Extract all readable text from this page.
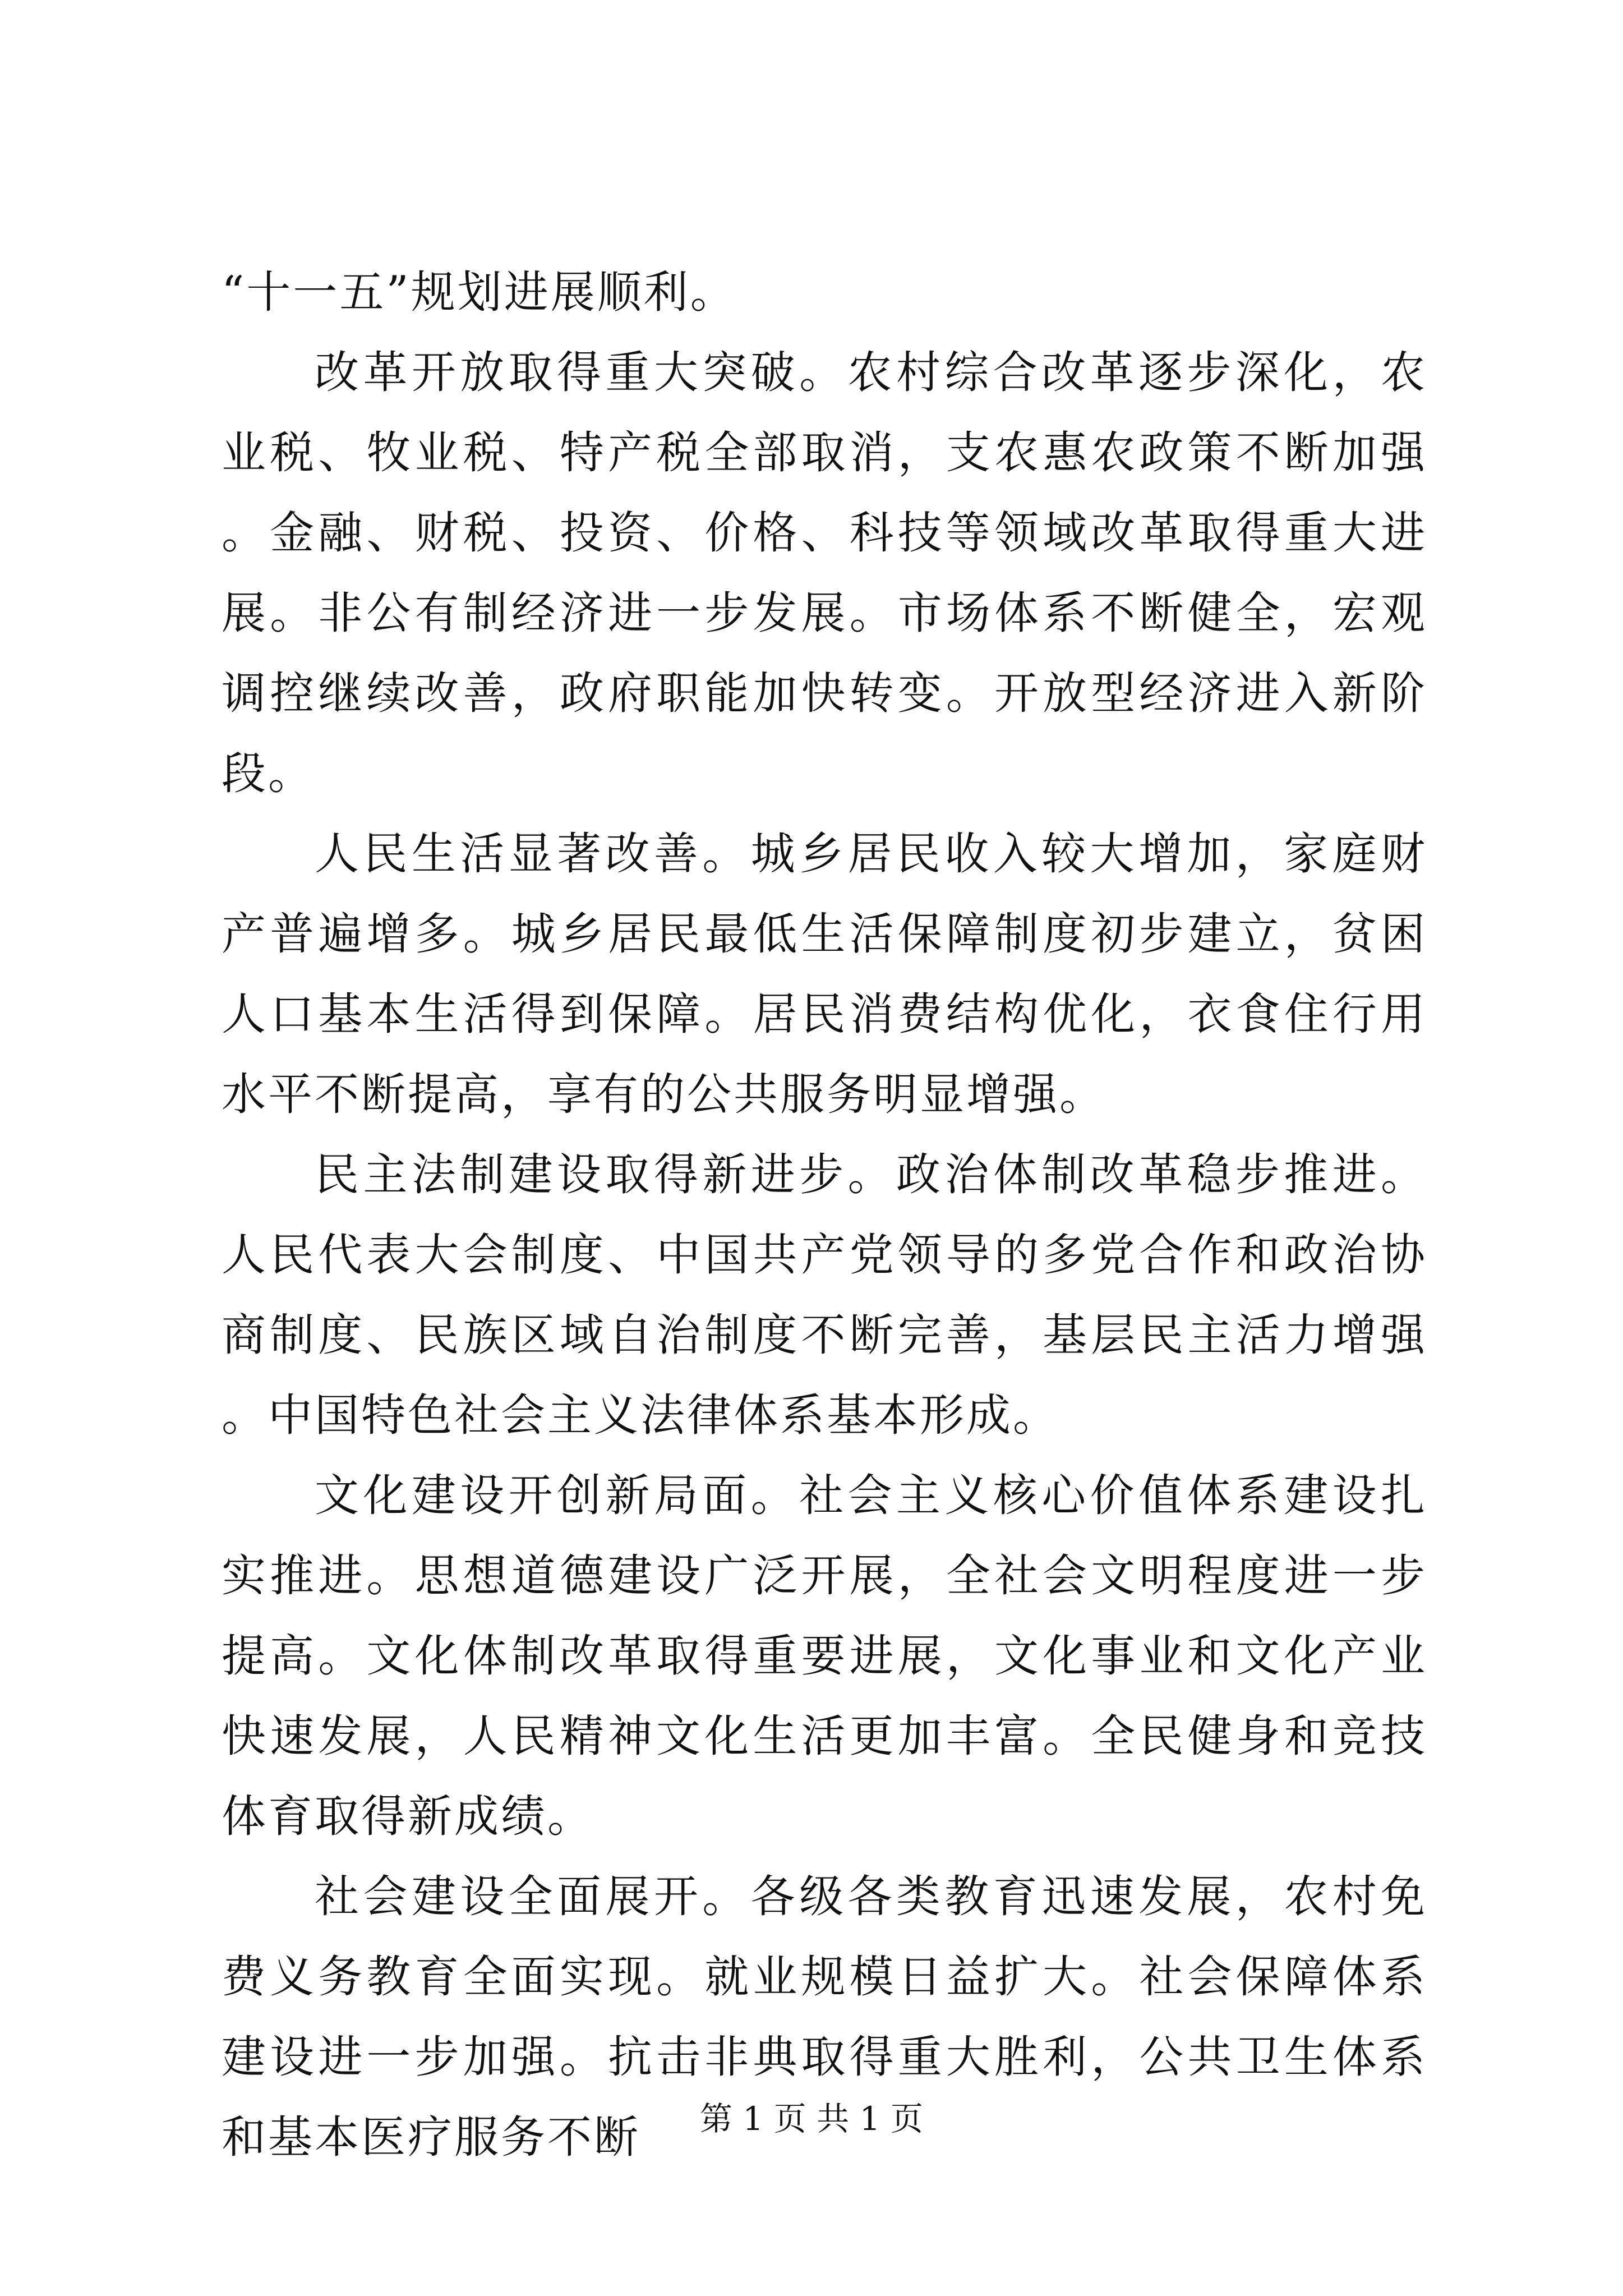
“十一五”规划进展顺利。

改革开放取得重大突破。农村综合改革逐步深化，农业税、牧业税、特产税全部取消，支农惠农政策不断加强。金融、财税、投资、价格、科技等领域改革取得重大进展。非公有制经济进一步发展。市场体系不断健全，宏观调控继续改善，政府职能加快转变。开放型经济进入新阶段。

人民生活显著改善。城乡居民收入较大增加，家庭财产普遍增多。城乡居民最低生活保障制度初步建立，贫困人口基本生活得到保障。居民消费结构优化，衣食住行用水平不断提高，享有的公共服务明显增强。

民主法制建设取得新进步。政治体制改革稳步推进。人民代表大会制度、中国共产党领导的多党合作和政治协商制度、民族区域自治制度不断完善，基层民主活力增强。中国特色社会主义法律体系基本形成。

文化建设开创新局面。社会主义核心价值体系建设扎实推进。思想道德建设广泛开展，全社会文明程度进一步提高。文化体制改革取得重要进展，文化事业和文化产业快速发展，人民精神文化生活更加丰富。全民健身和竞技体育取得新成绩。

社会建设全面展开。各级各类教育迅速发展，农村免费义务教育全面实现。就业规模日益扩大。社会保障体系建设进一步加强。抗击非典取得重大胜利，公共卫生体系和基本医疗服务不断	第 1 页 共 1 页
